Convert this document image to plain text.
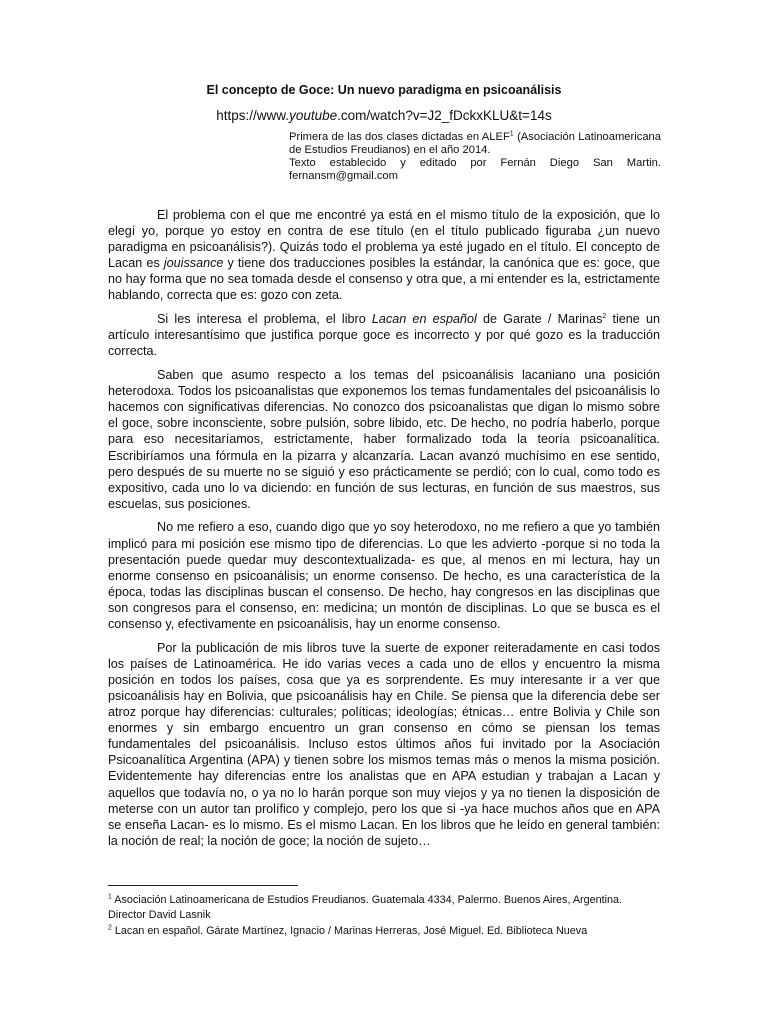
El concepto de Goce: Un nuevo paradigma en psicoanálisis
https://www.youtube.com/watch?v=J2_fDckxKLU&t=14s

Primera de las dos clases dictadas en ALEF$^1$ (Asociación Latinoamericana de Estudios Freudianos) en el año 2014.

Texto establecido y editado por Fernán Diego San Martin. fernansm@gmail.com

El problema con el que me encontré ya está en el mismo título de la exposición, que lo elegí yo, porque yo estoy en contra de ese título (en el título publicado figuraba ¿un nuevo paradigma en psicoanálisis?). Quizás todo el problema ya esté jugado en el título. El concepto de Lacan es jouissance y tiene dos traducciones posibles la estándar, la canónica que es: goce, que no hay forma que no sea tomada desde el consenso y otra que, a mi entender es la, estrictamente hablando, correcta que es: gozo con zeta.

Si les interesa el problema, el libro Lacan en español de Garate / Marinas$^2$ tiene un artículo interesantísimo que justifica porque goce es incorrecto y por qué gozo es la traducción correcta.

Saben que asumo respecto a los temas del psicoanálisis lacaniano una posición heterodoxa. Todos los psicoanalistas que exponemos los temas fundamentales del psicoanálisis lo hacemos con significativas diferencias. No conozco dos psicoanalistas que digan lo mismo sobre el goce, sobre inconsciente, sobre pulsión, sobre libido, etc. De hecho, no podría haberlo, porque para eso necesitaríamos, estrictamente, haber formalizado toda la teoría psicoanalítica. Escribiríamos una fórmula en la pizarra y alcanzaría. Lacan avanzó muchísimo en ese sentido, pero después de su muerte no se siguió y eso prácticamente se perdió; con lo cual, como todo es expositivo, cada uno lo va diciendo: en función de sus lecturas, en función de sus maestros, sus escuelas, sus posiciones.

No me refiero a eso, cuando digo que yo soy heterodoxo, no me refiero a que yo también implicó para mi posición ese mismo tipo de diferencias. Lo que les advierto -porque si no toda la presentación puede quedar muy descontextualizada- es que, al menos en mi lectura, hay un enorme consenso en psicoanálisis; un enorme consenso. De hecho, es una característica de la época, todas las disciplinas buscan el consenso. De hecho, hay congresos en las disciplinas que son congresos para el consenso, en: medicina; un montón de disciplinas. Lo que se busca es el consenso y, efectivamente en psicoanálisis, hay un enorme consenso.

Por la publicación de mis libros tuve la suerte de exponer reiteradamente en casi todos los países de Latinoamérica. He ido varias veces a cada uno de ellos y encuentro la misma posición en todos los países, cosa que ya es sorprendente. Es muy interesante ir a ver que psicoanálisis hay en Bolivia, que psicoanálisis hay en Chile. Se piensa que la diferencia debe ser atroz porque hay diferencias: culturales; políticas; ideologías; étnicas… entre Bolivia y Chile son enormes y sin embargo encuentro un gran consenso en cómo se piensan los temas fundamentales del psicoanálisis. Incluso estos últimos años fui invitado por la Asociación Psicoanalítica Argentina (APA) y tienen sobre los mismos temas más o menos la misma posición. Evidentemente hay diferencias entre los analistas que en APA estudian y trabajan a Lacan y aquellos que todavía no, o ya no lo harán porque son muy viejos y ya no tienen la disposición de meterse con un autor tan prolífico y complejo, pero los que si -ya hace muchos años que en APA se enseña Lacan- es lo mismo. Es el mismo Lacan. En los libros que he leído en general también: la noción de real; la noción de goce; la noción de sujeto…

$^1$ Asociación Latinoamericana de Estudios Freudianos. Guatemala 4334, Palermo. Buenos Aires, Argentina. Director David Lasnik

$^2$ Lacan en español. Gárate Martínez, Ignacio / Marinas Herreras, José Miguel. Ed. Biblioteca Nueva
